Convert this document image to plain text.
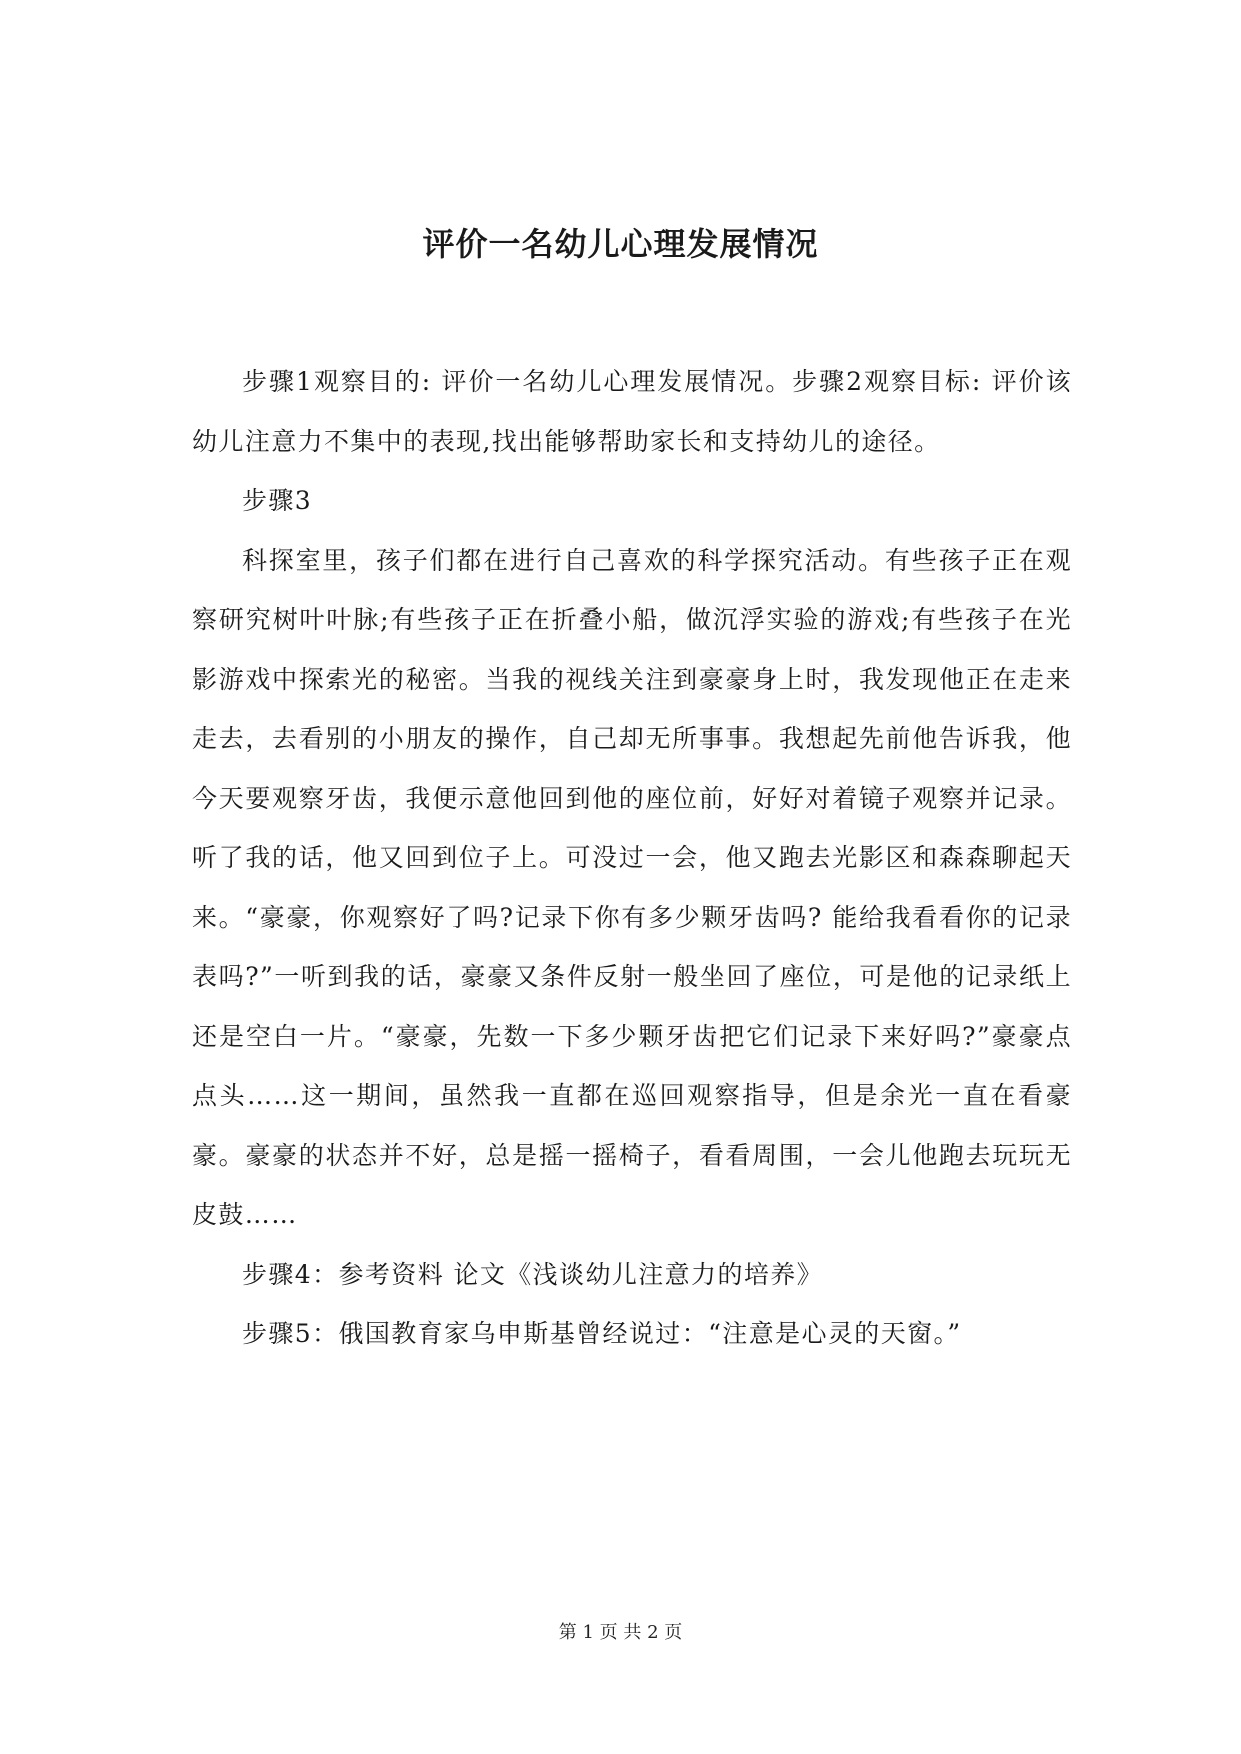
评价一名幼儿心理发展情况

步骤1观察目的: 评价一名幼儿心理发展情况。步骤2观察目标: 评价该幼儿注意力不集中的表现,找出能够帮助家长和支持幼儿的途径。

步骤3

科探室里，孩子们都在进行自己喜欢的科学探究活动。有些孩子正在观察研究树叶叶脉;有些孩子正在折叠小船，做沉浮实验的游戏;有些孩子在光影游戏中探索光的秘密。当我的视线关注到豪豪身上时，我发现他正在走来走去，去看别的小朋友的操作，自己却无所事事。我想起先前他告诉我，他今天要观察牙齿，我便示意他回到他的座位前，好好对着镜子观察并记录。听了我的话，他又回到位子上。可没过一会，他又跑去光影区和森森聊起天来。“豪豪，你观察好了吗?记录下你有多少颗牙齿吗? 能给我看看你的记录表吗?”一听到我的话，豪豪又条件反射一般坐回了座位，可是他的记录纸上还是空白一片。“豪豪，先数一下多少颗牙齿把它们记录下来好吗?”豪豪点点头……这一期间，虽然我一直都在巡回观察指导，但是余光一直在看豪豪。豪豪的状态并不好，总是摇一摇椅子，看看周围，一会儿他跑去玩玩无皮鼓……

步骤4：参考资料 论文《浅谈幼儿注意力的培养》

步骤5：俄国教育家乌申斯基曾经说过：“注意是心灵的天窗。”

第 1 页 共 2 页
